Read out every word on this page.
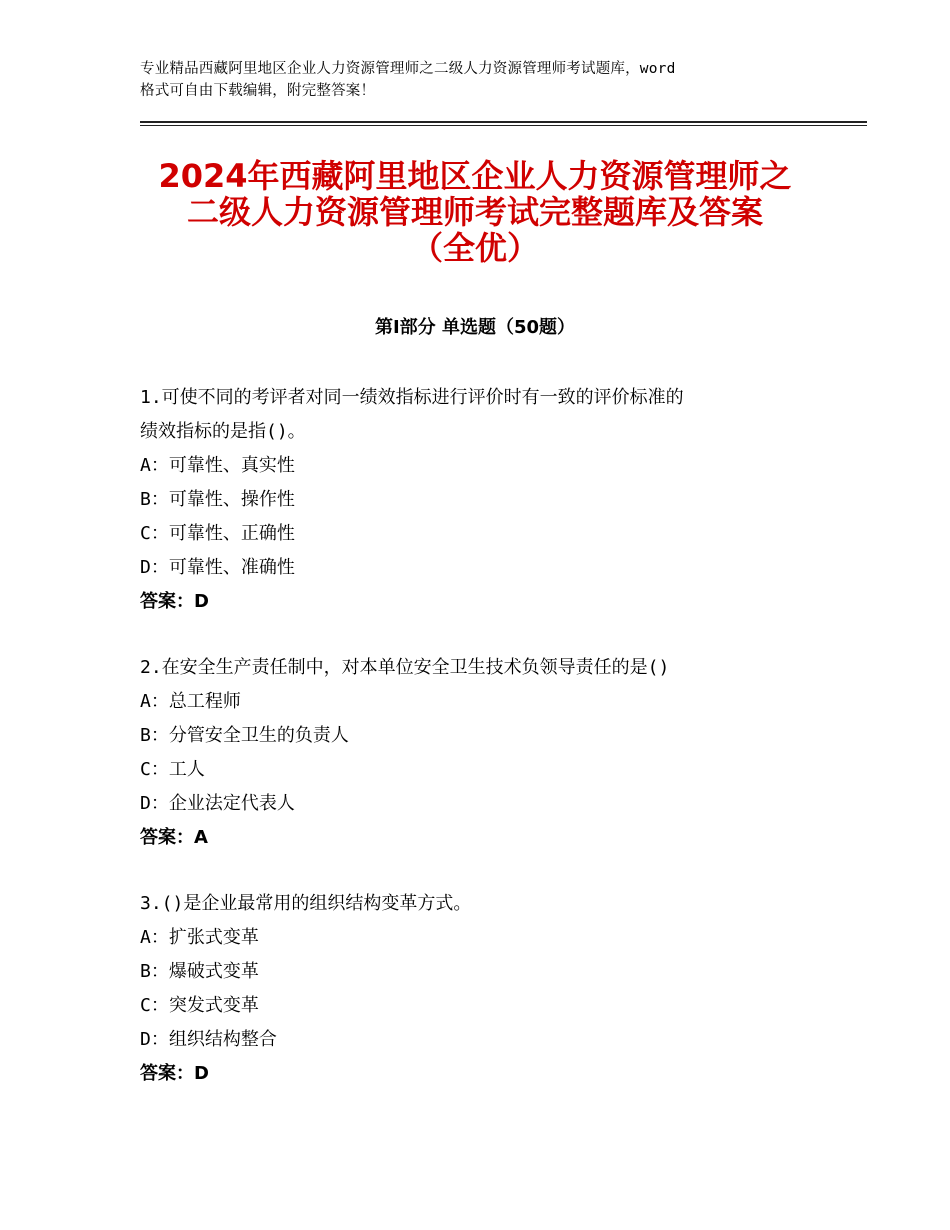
专业精品西藏阿里地区企业人力资源管理师之二级人力资源管理师考试题库，word
格式可自由下载编辑，附完整答案！
2024年西藏阿里地区企业人力资源管理师之
二级人力资源管理师考试完整题库及答案
（全优）
第Ⅰ部分 单选题（50题）
1.可使不同的考评者对同一绩效指标进行评价时有一致的评价标准的
绩效指标的是指()。
A：可靠性、真实性
B：可靠性、操作性
C：可靠性、正确性
D：可靠性、准确性
答案：D
2.在安全生产责任制中，对本单位安全卫生技术负领导责任的是()
A：总工程师
B：分管安全卫生的负责人
C：工人
D：企业法定代表人
答案：A
3.()是企业最常用的组织结构变革方式。
A：扩张式变革
B：爆破式变革
C：突发式变革
D：组织结构整合
答案：D
